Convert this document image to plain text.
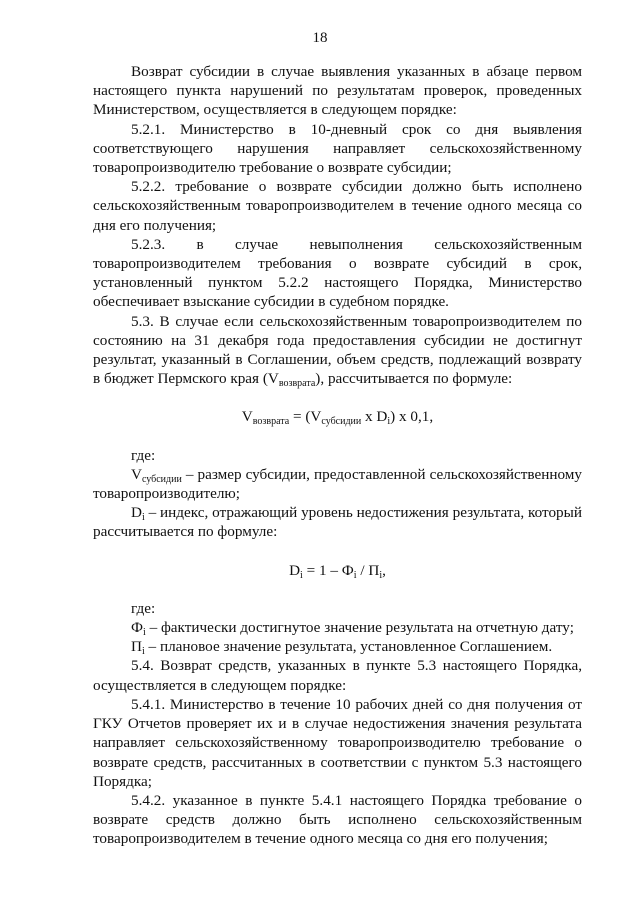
18

Возврат субсидии в случае выявления указанных в абзаце первом настоящего пункта нарушений по результатам проверок, проведенных Министерством, осуществляется в следующем порядке:

5.2.1. Министерство в 10-дневный срок со дня выявления соответствующего нарушения направляет сельскохозяйственному товаропроизводителю требование о возврате субсидии;

5.2.2. требование о возврате субсидии должно быть исполнено сельскохозяйственным товаропроизводителем в течение одного месяца со дня его получения;

5.2.3. в случае невыполнения сельскохозяйственным товаропроизводителем требования о возврате субсидий в срок, установленный пунктом 5.2.2 настоящего Порядка, Министерство обеспечивает взыскание субсидии в судебном порядке.

5.3. В случае если сельскохозяйственным товаропроизводителем по состоянию на 31 декабря года предоставления субсидии не достигнут результат, указанный в Соглашении, объем средств, подлежащий возврату в бюджет Пермского края $(V_{возврата})$, рассчитывается по формуле:

$V_{возврата} = (V_{субсидии}$ x $D_i$) x 0,1,

где:

$V_{субсидии}$ – размер субсидии, предоставленной сельскохозяйственному товаропроизводителю;

$D_i$ – индекс, отражающий уровень недостижения результата, который рассчитывается по формуле:

$D_i = 1 - Ф_i / П_i$,

где:

$Ф_i$ – фактически достигнутое значение результата на отчетную дату;

$П_i$ – плановое значение результата, установленное Соглашением.

5.4. Возврат средств, указанных в пункте 5.3 настоящего Порядка, осуществляется в следующем порядке:

5.4.1. Министерство в течение 10 рабочих дней со дня получения от ГКУ Отчетов проверяет их и в случае недостижения значения результата направляет сельскохозяйственному товаропроизводителю требование о возврате средств, рассчитанных в соответствии с пунктом 5.3 настоящего Порядка;

5.4.2. указанное в пункте 5.4.1 настоящего Порядка требование о возврате средств должно быть исполнено сельскохозяйственным товаропроизводителем в течение одного месяца со дня его получения;
